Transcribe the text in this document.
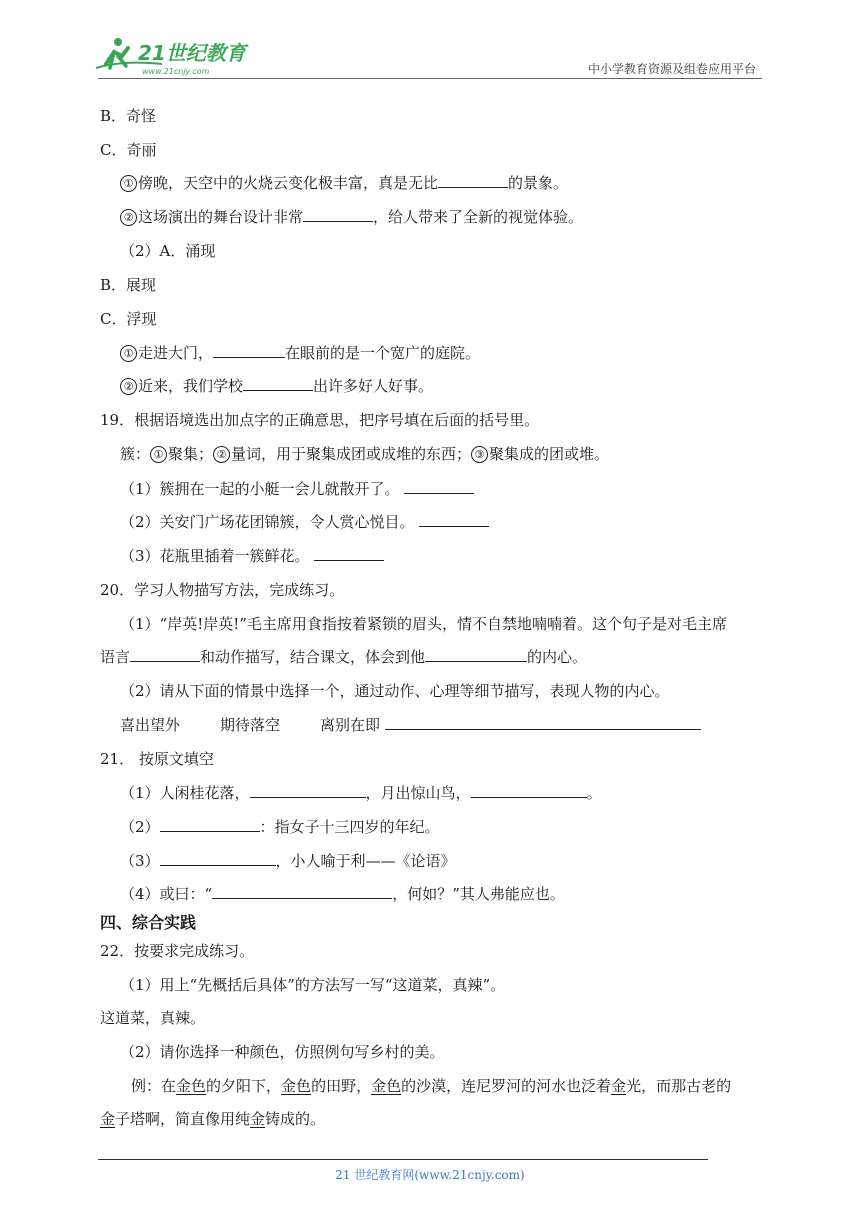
21世纪教育
www.21cnjy.com	中小学教育资源及组卷应用平台
B．奇怪
C．奇丽
① 傍晚，天空中的火烧云变化极丰富，真是无比	的景象。
② 这场演出的舞台设计非常	，给人带来了全新的视觉体验。
（2）A．涌现
B．展现
C．浮现
① 走进大门，	在眼前的是一个宽广的庭院。
② 近来，我们学校	出许多好人好事。
19．根据语境选出加点字的正确意思，把序号填在后面的括号里。
簇： ① 聚集； ② 量词，用于聚集成团或成堆的东西； ③ 聚集成的团或堆。
（1）簇拥在一起的小艇一会儿就散开了。
（2）关安门广场花团锦簇，令人赏心悦目。
（3）花瓶里插着一簇鲜花。
20．学习人物描写方法，完成练习。
（1）“岸英!岸英!”毛主席用食指按着紧锁的眉头，情不自禁地喃喃着。这个句子是对毛主席
语言	和动作描写，结合课文，体会到他	的内心。
（2）请从下面的情景中选择一个，通过动作、心理等细节描写，表现人物的内心。
喜出望外	期待落空	离别在即
21． 按原文填空
（1）人闲桂花落，	，月出惊山鸟，	。
（2）	：指女子十三四岁的年纪。
（3）	，小人喻于利——《论语》
（4）或曰：“	，何如？”其人弗能应也。
四、综合实践
22．按要求完成练习。
（1）用上“先概括后具体”的方法写一写“这道菜，真辣”。
这道菜，真辣。
（2）请你选择一种颜色，仿照例句写乡村的美。
例：在金色的夕阳下，金色的田野，金色的沙漠，连尼罗河的河水也泛着金光，而那古老的
金子塔啊，简直像用纯金铸成的。
21 世纪教育网(www.21cnjy.com)
